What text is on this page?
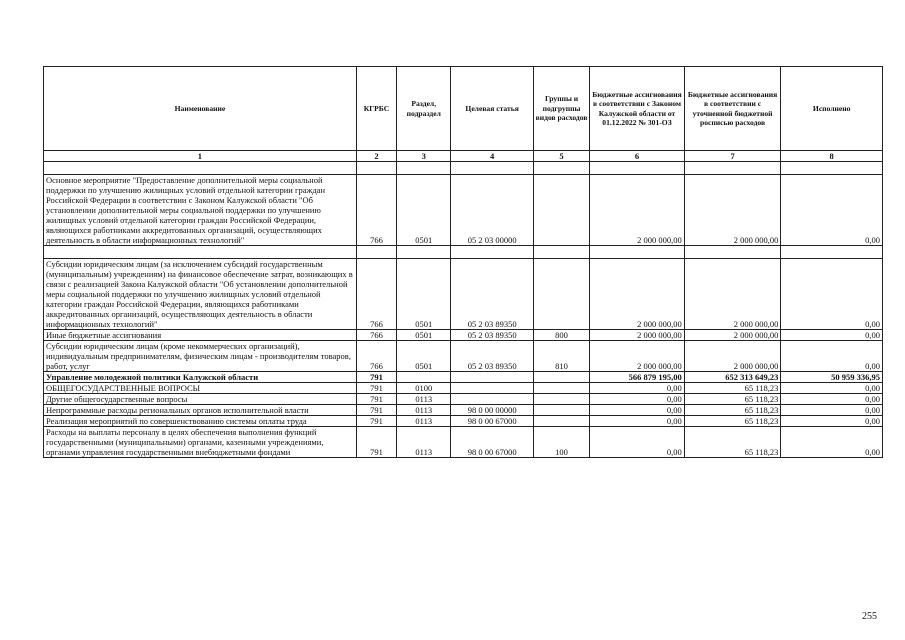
Наименование	КГРБС	Раздел, подраздел	Целевая статья	Группы и подгруппы видов расходов	Бюджетные ассигнования в соответствии с Законом Калужской области от 01.12.2022 № 301-ОЗ	Бюджетные ассигнования в соответствии с уточненной бюджетной росписью расходов	Исполнено
1	2	3	4	5	6	7	8

Основное мероприятие "Предоставление дополнительной меры социальной поддержки по улучшению жилищных условий отдельной категории граждан Российской Федерации в соответствии с Законом Калужской области "Об установлении дополнительной меры социальной поддержки по улучшению жилищных условий отдельной категории граждан Российской Федерации, являющихся работниками аккредитованных организаций, осуществляющих деятельность в области информационных технологий"	766	0501	05 2 03 00000		2 000 000,00	2 000 000,00	0,00

Субсидии юридическим лицам (за исключением субсидий государственным (муниципальным) учреждениям) на финансовое обеспечение затрат, возникающих в связи с реализацией Закона Калужской области "Об установлении дополнительной меры социальной поддержки по улучшению жилищных условий отдельной категории граждан Российской Федерации, являющихся работниками аккредитованных организаций, осуществляющих деятельность в области информационных технологий"	766	0501	05 2 03 89350		2 000 000,00	2 000 000,00	0,00
Иные бюджетные ассигнования	766	0501	05 2 03 89350	800	2 000 000,00	2 000 000,00	0,00
Субсидии юридическим лицам (кроме некоммерческих организаций), индивидуальным предпринимателям, физическим лицам - производителям товаров, работ, услуг	766	0501	05 2 03 89350	810	2 000 000,00	2 000 000,00	0,00
Управление молодежной политики Калужской области	791				566 879 195,00	652 313 649,23	50 959 336,95
ОБЩЕГОСУДАРСТВЕННЫЕ ВОПРОСЫ	791	0100			0,00	65 118,23	0,00
Другие общегосударственные вопросы	791	0113			0,00	65 118,23	0,00
Непрограммные расходы региональных органов исполнительной власти	791	0113	98 0 00 00000		0,00	65 118,23	0,00
Реализация мероприятий по совершенствованию системы оплаты труда	791	0113	98 0 00 67000		0,00	65 118,23	0,00
Расходы на выплаты персоналу в целях обеспечения выполнения функций государственными (муниципальными) органами, казенными учреждениями, органами управления государственными внебюджетными фондами	791	0113	98 0 00 67000	100	0,00	65 118,23	0,00
255
